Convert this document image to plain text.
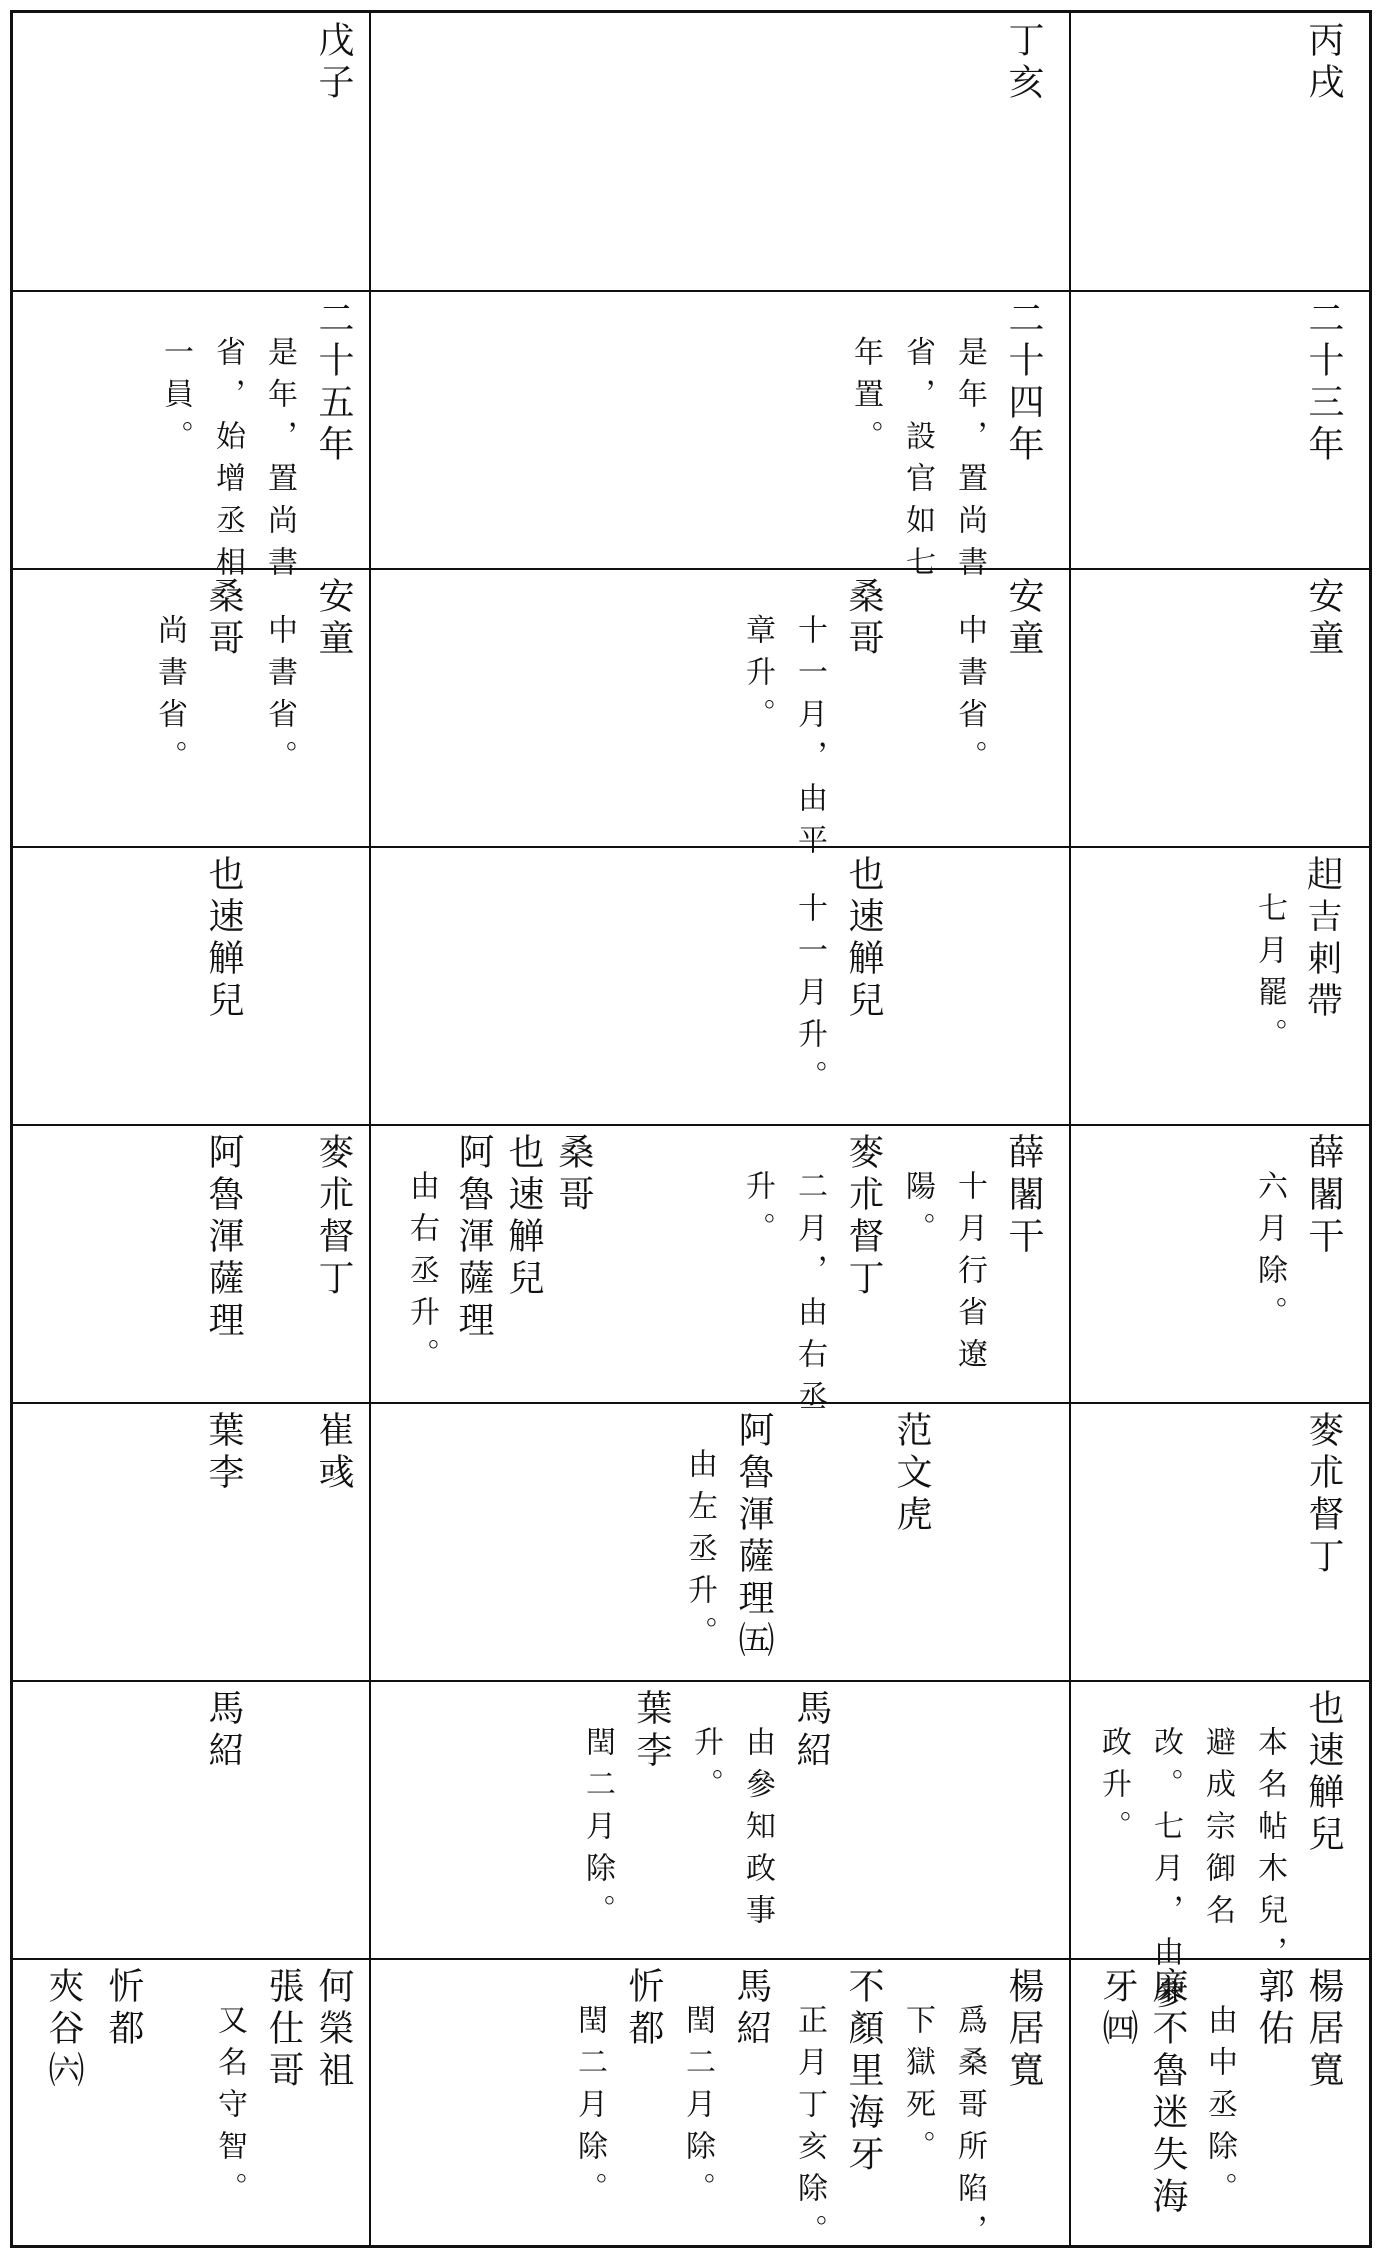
丙戌
二十三年
安童
𧺝吉剌帶
七月罷。
薛闍干
六月除。
麥朮督丁
也速觯兒
本名帖木兒，
避成宗御名
改。七月，由參
政升。
楊居寬
郭佑
由中丞除。
廉不魯迷失海
牙㈣
丁亥
二十四年
是年，置尚書
省，設官如七
年置。
安童
中書省。
桑哥
十一月，由平
章升。
也速觯兒
十一月升。
薛闍干
十月行省遼
陽。
麥朮督丁
二月，由右丞
升。
范文虎
阿魯渾薩理㈤
由左丞升。
馬紹
由參知政事
升。
葉李
閏二月除。
楊居寬
爲桑哥所陷，
下獄死。
不顏里海牙
正月丁亥除。
馬紹
閏二月除。
忻都
閏二月除。
戊子
二十五年
是年，置尚書
省，始增丞相
一員。
安童
中書省。
桑哥
尚書省。
也速觯兒
麥朮督丁
阿魯渾薩理	桑哥
也速觯兒
阿魯渾薩理
由右丞升。
崔彧
葉李
馬紹
何榮祖
張仕哥
又名守智。
忻都
夾谷㈥
